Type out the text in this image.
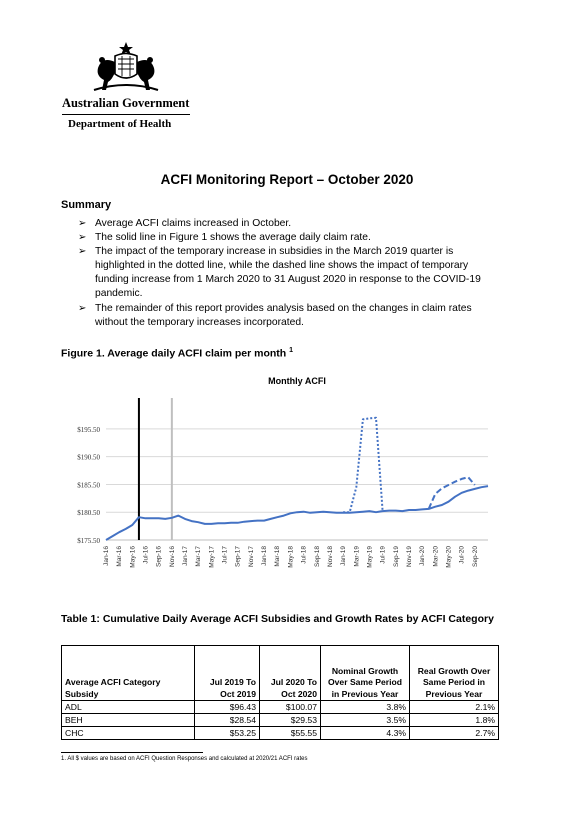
Australian Government
Department of Health
ACFI Monitoring Report – October 2020
Summary
➢ Average ACFI claims increased in October.
➢ The solid line in Figure 1 shows the average daily claim rate.
➢ The impact of the temporary increase in subsidies in the March 2019 quarter is highlighted in the dotted line, while the dashed line shows the impact of temporary funding increase from 1 March 2020 to 31 August 2020 in response to the COVID-19 pandemic.
➢ The remainder of this report provides analysis based on the changes in claim rates without the temporary increases incorporated.
Figure 1. Average daily ACFI claim per month $^1$
Monthly ACFI
$175.50
$180.50
$185.50
$190.50
$195.50
Jan-16 Mar-16 May-16 Jul-16 Sep-16 Nov-16 Jan-17 Mar-17 May-17 Jul-17 Sep-17 Nov-17 Jan-18 Mar-18 May-18 Jul-18 Sep-18 Nov-18 Jan-19 Mar-19 May-19 Jul-19 Sep-19 Nov-19 Jan-20 Mar-20 May-20 Jul-20 Sep-20
Table 1: Cumulative Daily Average ACFI Subsidies and Growth Rates by ACFI Category
Average ACFI Category Subsidy	Jul 2019 To Oct 2019	Jul 2020 To Oct 2020	Nominal Growth Over Same Period in Previous Year	Real Growth Over Same Period in Previous Year
ADL	$96.43	$100.07	3.8%	2.1%
BEH	$28.54	$29.53	3.5%	1.8%
CHC	$53.25	$55.55	4.3%	2.7%
1. All $ values are based on ACFI Question Responses and calculated at 2020/21 ACFI rates
